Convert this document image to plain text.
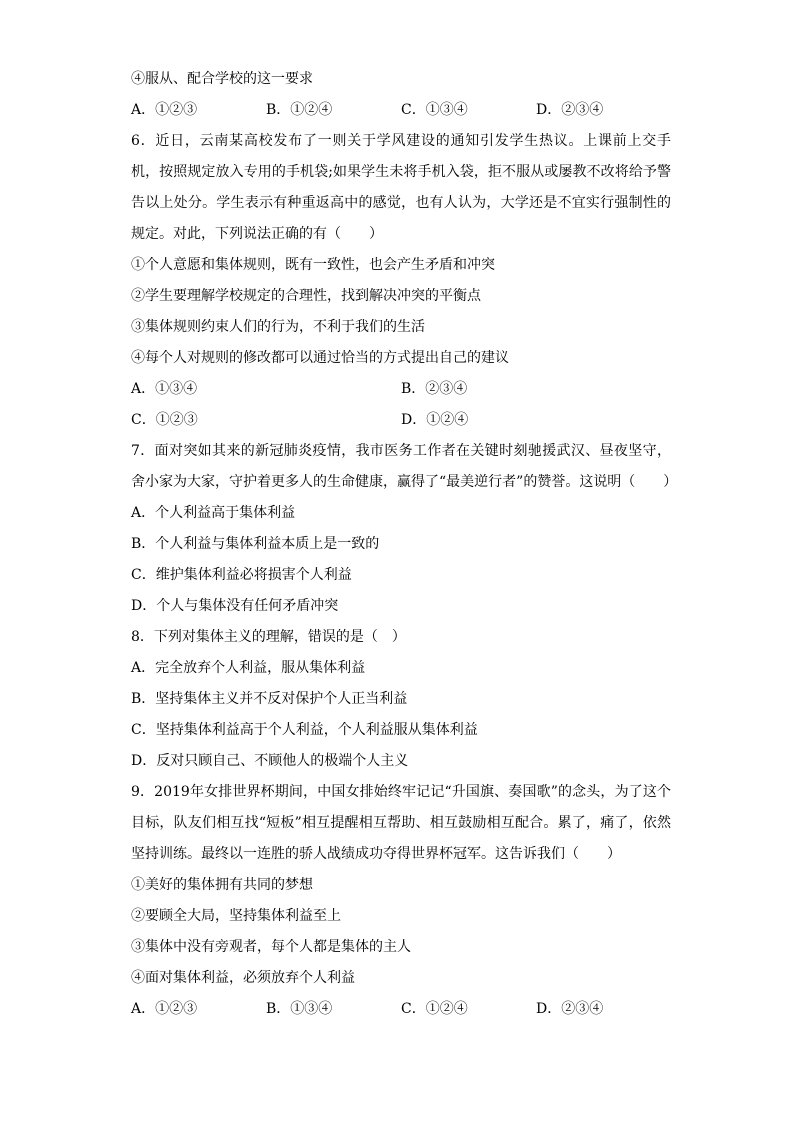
④服从、配合学校的这一要求
A．①②③	B．①②④	C．①③④	D．②③④
6．近日，云南某高校发布了一则关于学风建设的通知引发学生热议。上课前上交手机，按照规定放入专用的手机袋;如果学生未将手机入袋，拒不服从或屡教不改将给予警告以上处分。学生表示有种重返高中的感觉，也有人认为，大学还是不宜实行强制性的规定。对此，下列说法正确的有（　　）
①个人意愿和集体规则，既有一致性，也会产生矛盾和冲突
②学生要理解学校规定的合理性，找到解决冲突的平衡点
③集体规则约束人们的行为，不利于我们的生活
④每个人对规则的修改都可以通过恰当的方式提出自己的建议
A．①③④	B．②③④
C．①②③	D．①②④
7．面对突如其来的新冠肺炎疫情，我市医务工作者在关键时刻驰援武汉、昼夜坚守，舍小家为大家，守护着更多人的生命健康，赢得了“最美逆行者”的赞誉。这说明（　　）
A．个人利益高于集体利益
B．个人利益与集体利益本质上是一致的
C．维护集体利益必将损害个人利益
D．个人与集体没有任何矛盾冲突
8．下列对集体主义的理解，错误的是（　）
A．完全放弃个人利益，服从集体利益
B．坚持集体主义并不反对保护个人正当利益
C．坚持集体利益高于个人利益，个人利益服从集体利益
D．反对只顾自己、不顾他人的极端个人主义
9．2019年女排世界杯期间，中国女排始终牢记记“升国旗、奏国歌”的念头，为了这个目标，队友们相互找“短板”相互提醒相互帮助、相互鼓励相互配合。累了，痛了，依然坚持训练。最终以一连胜的骄人战绩成功夺得世界杯冠军。这告诉我们（　　）
①美好的集体拥有共同的梦想
②要顾全大局，坚持集体利益至上
③集体中没有旁观者，每个人都是集体的主人
④面对集体利益，必须放弃个人利益
A．①②③	B．①③④	C．①②④	D．②③④
